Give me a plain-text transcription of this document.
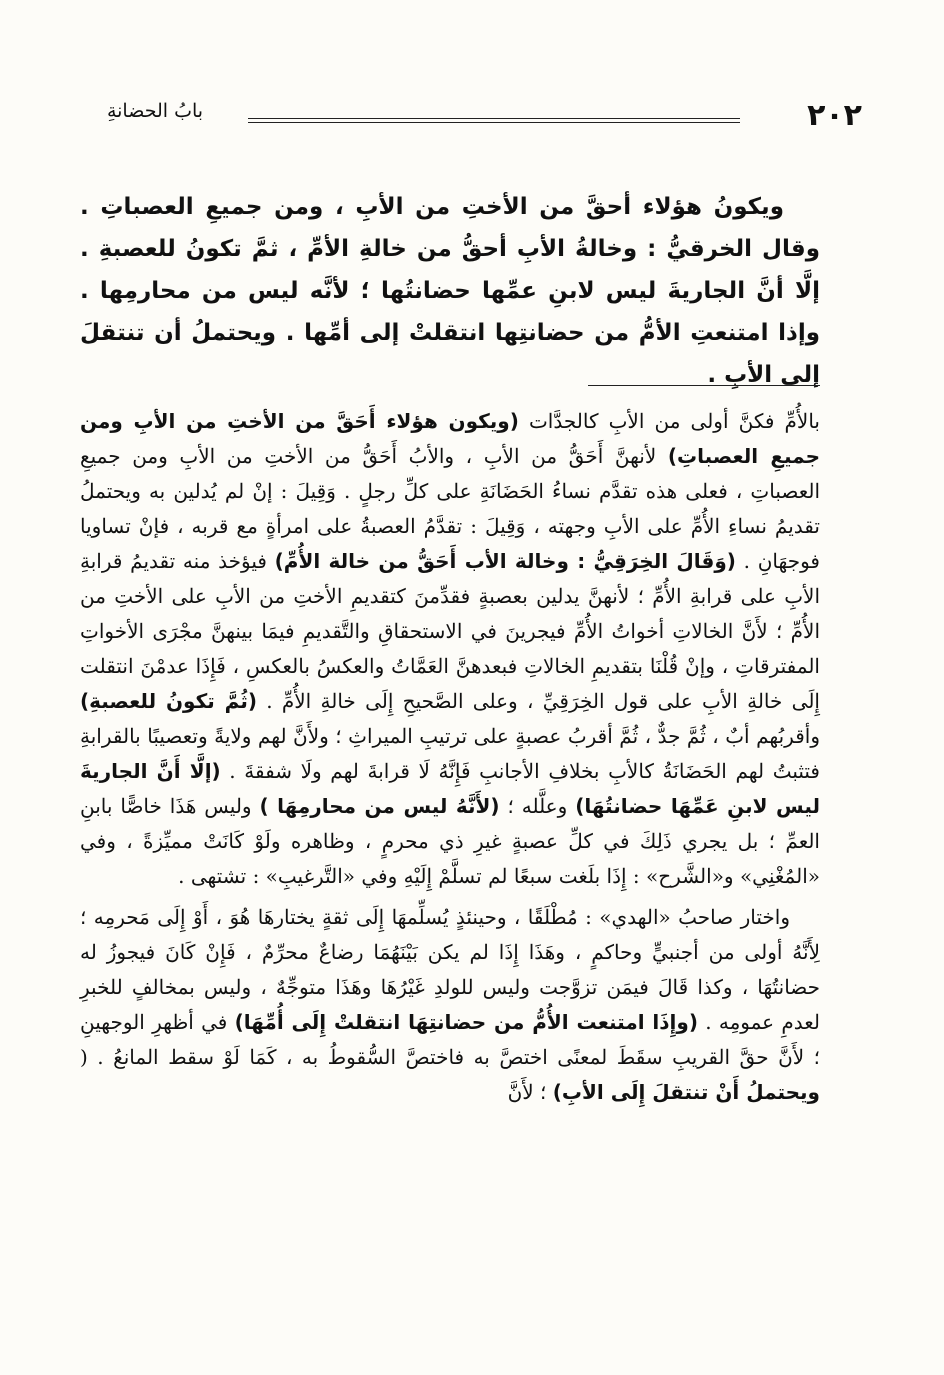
٢٠٢
بابُ الحضانةِ

ويكونُ هؤلاء أحقَّ من الأختِ من الأبِ ، ومن جميعِ العصباتِ . وقال الخرقيُّ : وخالةُ الأبِ أحقُّ من خالةِ الأمِّ ، ثمَّ تكونُ للعصبةِ . إلَّا أنَّ الجاريةَ ليس لابنِ عمِّها حضانتُها ؛ لأنَّه ليس من محارمِها . وإذا امتنعتِ الأمُّ من حضانتِها انتقلتْ إلى أمِّها . ويحتملُ أن تنتقلَ إلى الأبِ .

بالأُمِّ فكنَّ أولى من الأبِ كالجدَّات (ويكون هؤلاء أَحَقَّ من الأختِ من الأبِ ومن جميعِ العصباتِ) لأنهنَّ أَحَقُّ من الأبِ ، والأبُ أَحَقُّ من الأختِ من الأبِ ومن جميعِ العصباتِ ، فعلى هذه تقدَّم نساءُ الحَضَانَةِ على كلِّ رجلٍ . وَقِيلَ : إنْ لم يُدلين به ويحتملُ تقديمُ نساءِ الأُمِّ على الأبِ وجهته ، وَقِيلَ : تقدَّمُ العصبةُ على امرأةٍ مع قربه ، فإنْ تساويا فوجهَانِ . (وَقَالَ الخِرَقِيُّ : وخالة الأب أَحَقُّ من خالة الأُمِّ) فيؤخذ منه تقديمُ قرابةِ الأبِ على قرابةِ الأُمِّ ؛ لأنهنَّ يدلين بعصبةٍ فقدِّمنَ كتقديمِ الأختِ من الأبِ على الأختِ من الأُمِّ ؛ لأَنَّ الخالاتِ أخواتُ الأُمِّ فيجرينَ في الاستحقاقِ والتَّقديمِ فيمَا بينهنَّ مجْرَى الأخواتِ المفترقاتِ ، وإنْ قُلْنَا بتقديمِ الخالاتِ فبعدهنَّ العَمَّاتُ والعكسُ بالعكسِ ، فَإِذَا عدمْنَ انتقلت إِلَى خالةِ الأبِ على قول الخِرَقِيِّ ، وعلى الصَّحيحِ إِلَى خالةِ الأُمِّ . (ثُمَّ تكونُ للعصبةِ) وأقربُهم أبٌ ، ثُمَّ جدٌّ ، ثُمَّ أقربُ عصبةٍ على ترتيبِ الميراثِ ؛ ولأَنَّ لهم ولايةً وتعصيبًا بالقرابةِ فتثبتُ لهم الحَضَانَةُ كالأبِ بخلافِ الأجانبِ فَإِنَّهُ لَا قرابةَ لهم ولَا شفقةَ . (إلَّا أَنَّ الجاريةَ ليس لابنِ عَمِّهَا حضانتُهَا) وعلَّله ؛ (لأَنَّهُ ليس من محارمِهَا ) وليس هَذَا خاصًّا بابنِ العمِّ ؛ بل يجري ذَلِكَ في كلِّ عصبةٍ غيرِ ذي محرمٍ ، وظاهره ولَوْ كَانَتْ مميِّزةً ، وفي «المُغْنِي» و«الشَّرح» : إِذَا بلَغت سبعًا لم تسلَّمْ إِلَيْهِ وفي «التَّرغيبِ» : تشتهى .

واختار صاحبُ «الهدي» : مُطْلَقًا ، وحينئذٍ يُسلِّمهَا إِلَى ثقةٍ يختارهَا هُوَ ، أَوْ إِلَى مَحرمِه ؛ لِأَنَّهُ أولى من أجنبيٍّ وحاكمٍ ، وهَذَا إِذَا لم يكن بَيْنَهُمَا رضاعٌ محرِّمٌ ، فَإِنْ كَانَ فيجوزُ له حضانتُهَا ، وكذا قَالَ فيمَن تزوَّجت وليس للولدِ غَيْرُهَا وهَذَا متوجِّهٌ ، وليس بمخالفٍ للخبرِ لعدمِ عمومِه . (وإِذَا امتنعت الأُمُّ من حضانتِهَا انتقلتْ إِلَى أُمِّهَا) في أظهرِ الوجهينِ ؛ لأَنَّ حقَّ القريبِ سقَطَ لمعنًى اختصَّ به فاختصَّ السُّقوطُ به ، كَمَا لَوْ سقط المانعُ . ( ويحتملُ أَنْ تنتقلَ إِلَى الأبِ) ؛ لأَنَّ
